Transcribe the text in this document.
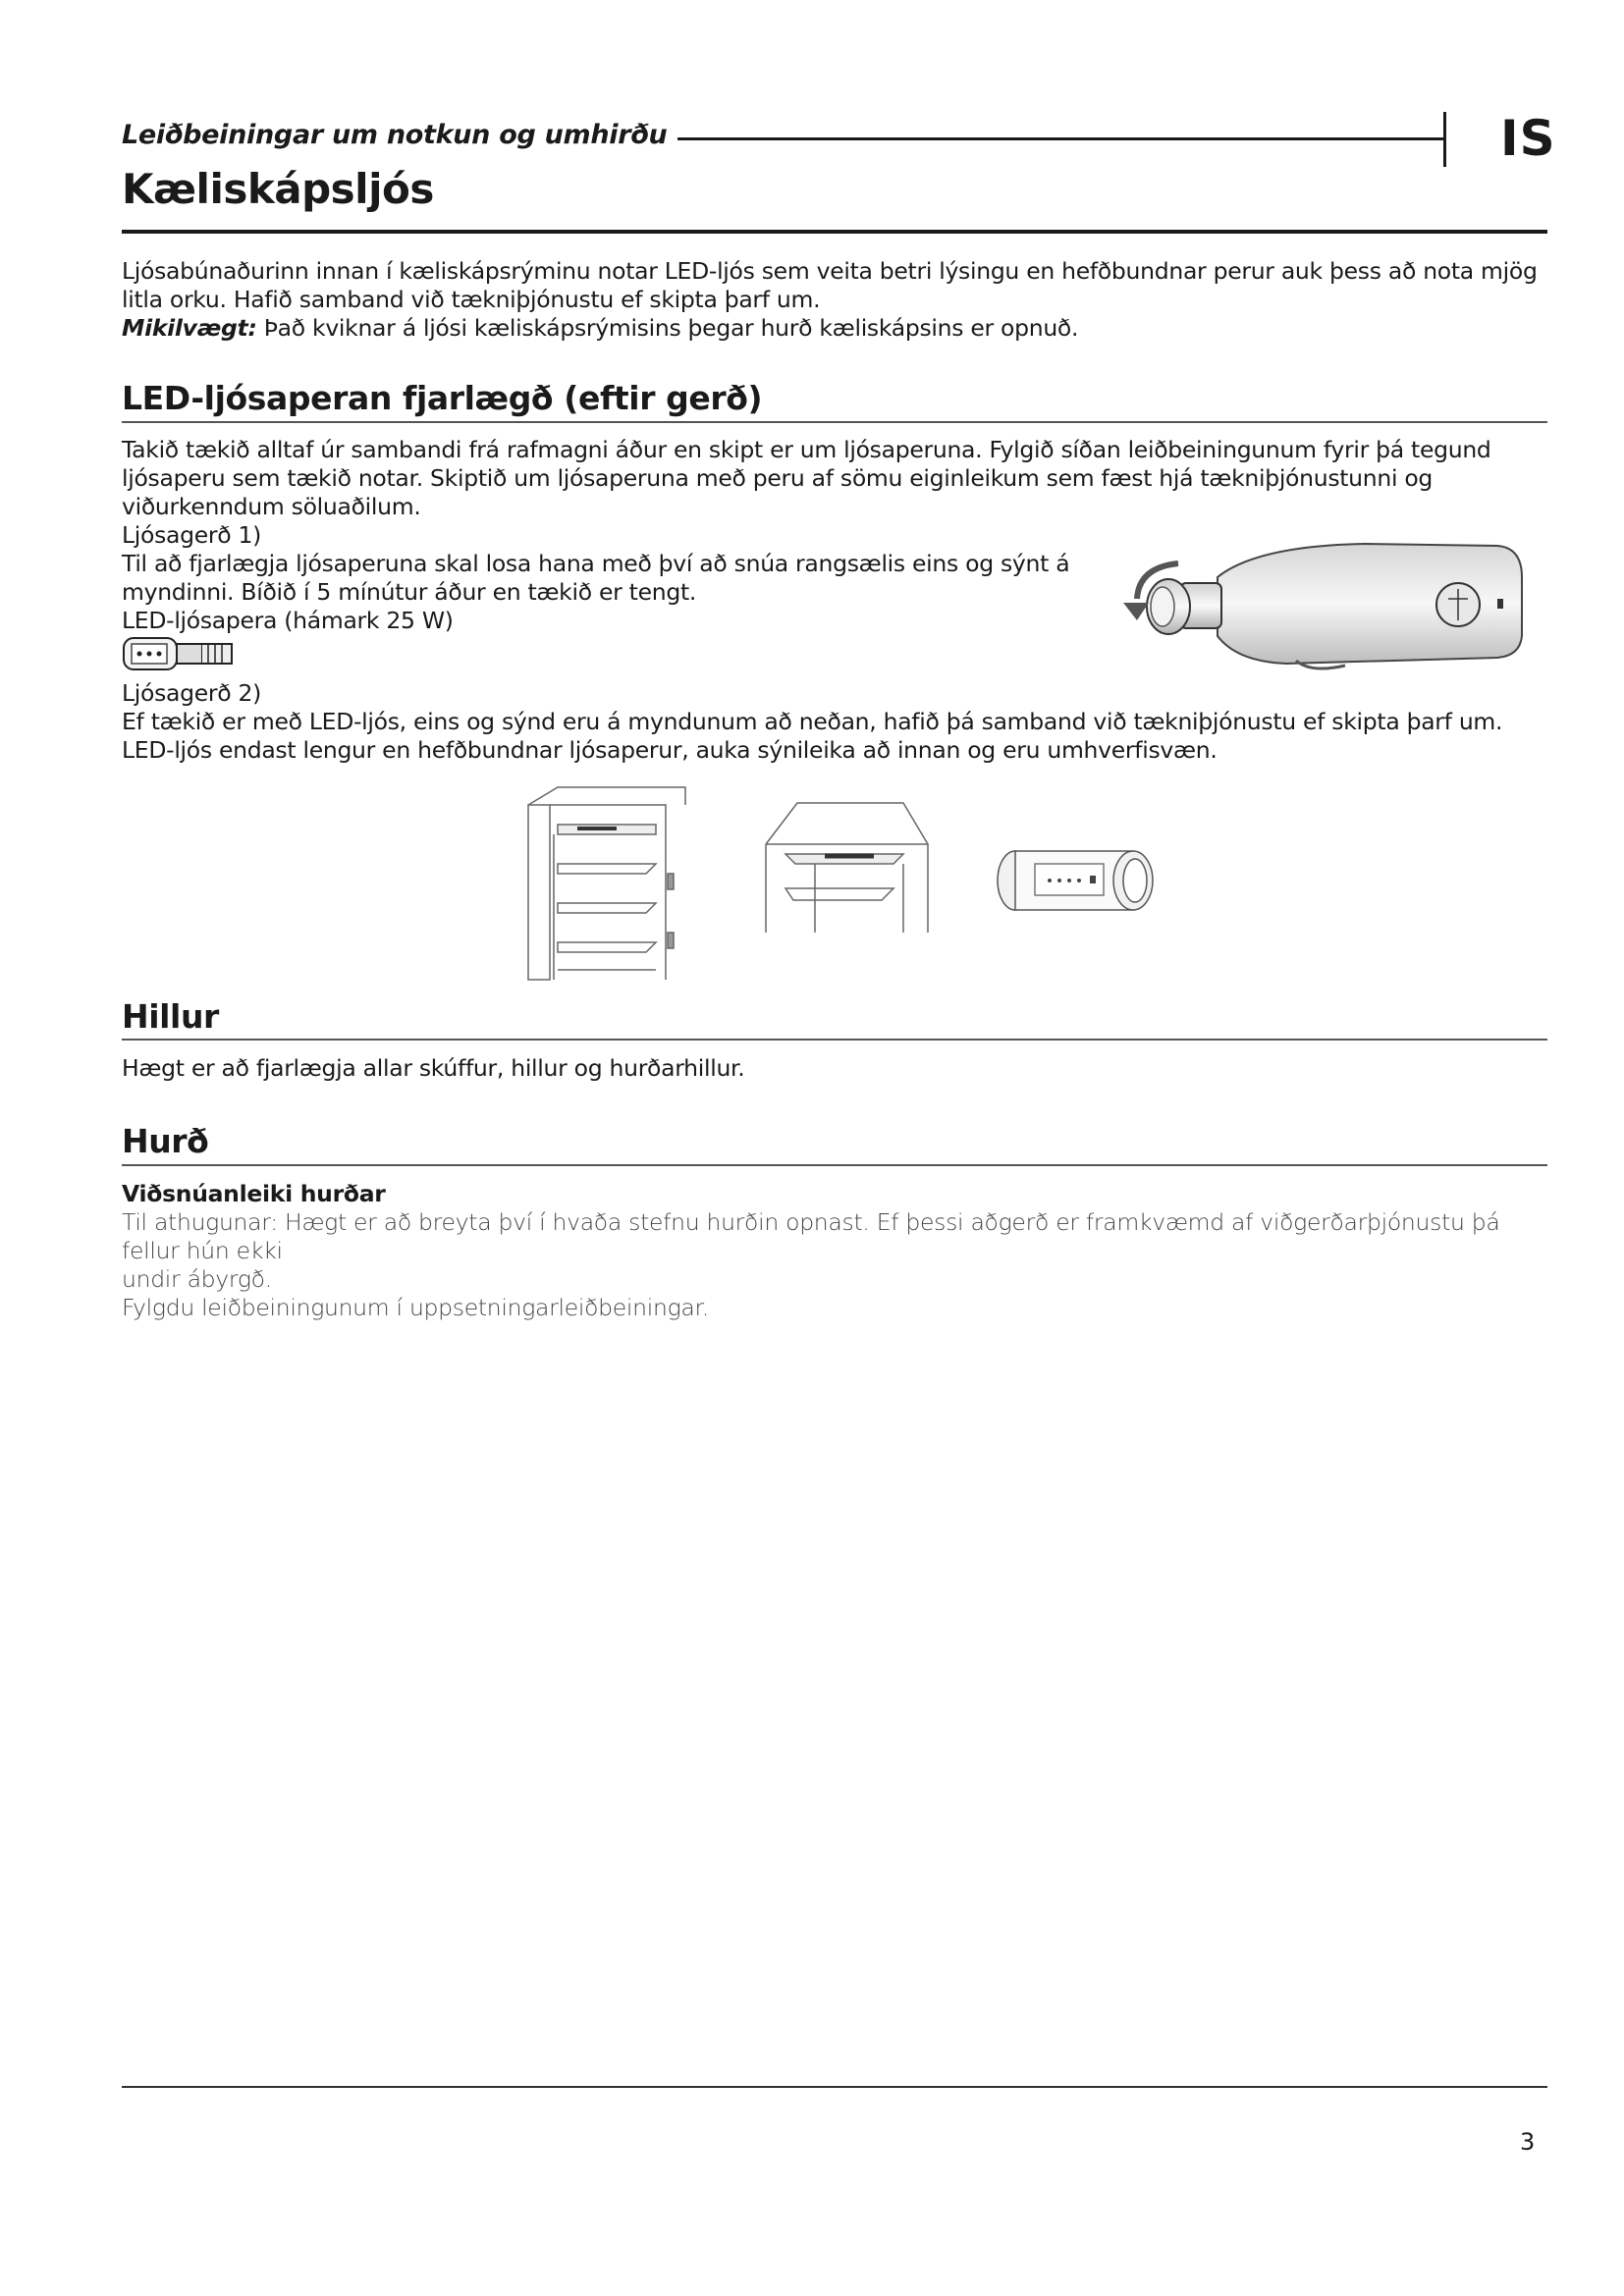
Leiðbeiningar um notkun og umhirðu	IS
Kæliskápsljós

Ljósabúnaðurinn innan í kæliskápsrýminu notar LED-ljós sem veita betri lýsingu en hefðbundnar perur auk þess að nota mjög

litla orku. Hafið samband við tækniþjónustu ef skipta þarf um.

Mikilvægt: Það kviknar á ljósi kæliskápsrýmisins þegar hurð kæliskápsins er opnuð.

LED-ljósaperan fjarlægð (eftir gerð)

Takið tækið alltaf úr sambandi frá rafmagni áður en skipt er um ljósaperuna. Fylgið síðan leiðbeiningunum fyrir þá tegund

ljósaperu sem tækið notar. Skiptið um ljósaperuna með peru af sömu eiginleikum sem fæst hjá tækniþjónustunni og

viðurkenndum söluaðilum.

Ljósagerð 1)

Til að fjarlægja ljósaperuna skal losa hana með því að snúa rangsælis eins og sýnt á

myndinni. Bíðið í 5 mínútur áður en tækið er tengt.

LED-ljósapera (hámark 25 W)

Ljósagerð 2)

Ef tækið er með LED-ljós, eins og sýnd eru á myndunum að neðan, hafið þá samband við tækniþjónustu ef skipta þarf um.

LED-ljós endast lengur en hefðbundnar ljósaperur, auka sýnileika að innan og eru umhverfisvæn.

Hillur
Hægt er að fjarlægja allar skúffur, hillur og hurðarhillur.
Hurð

Viðsnúanleiki hurðar

Til athugunar: Hægt er að breyta því í hvaða stefnu hurðin opnast. Ef þessi aðgerð er framkvæmd af viðgerðarþjónustu þá fellur hún ekki

undir ábyrgð.

Fylgdu leiðbeiningunum í uppsetningarleiðbeiningar.

3
